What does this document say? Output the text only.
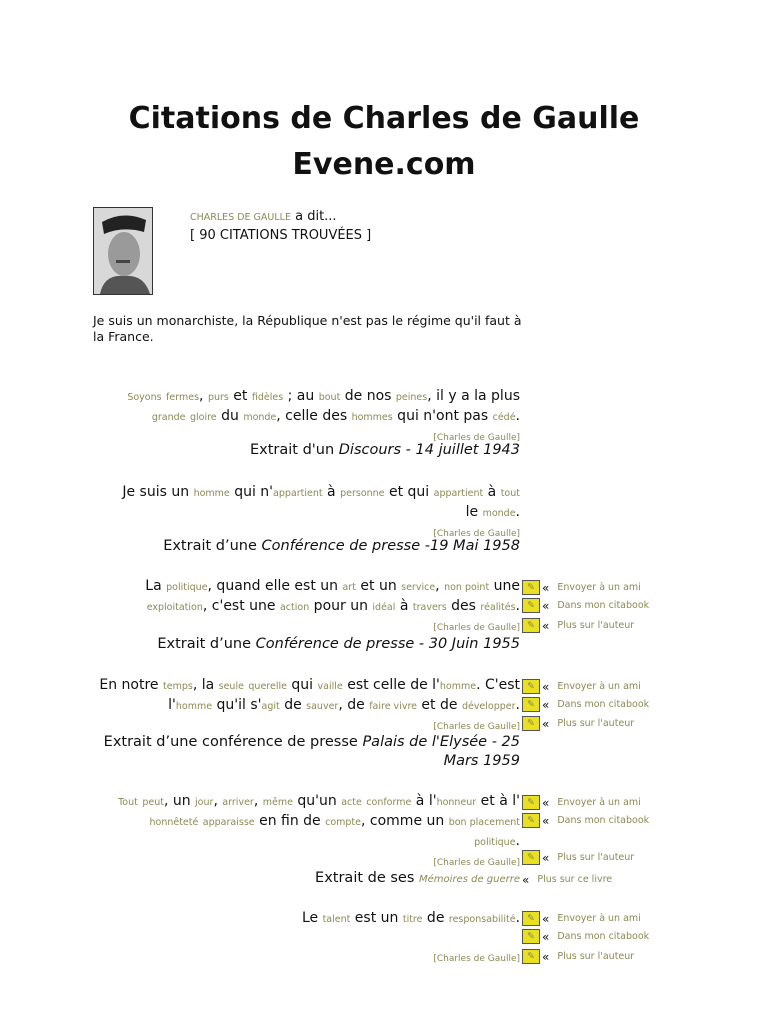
Citations de Charles de Gaulle
Evene.com
CHARLES DE GAULLE a dit...
[ 90 CITATIONS TROUVÉES ]
Je suis un monarchiste, la République n'est pas le régime qu'il faut à la France.
Soyons fermes, purs et fidèles ; au bout de nos peines, il y a la plus
grande gloire du monde, celle des hommes qui n'ont pas cédé.
[Charles de Gaulle]
Extrait d'un Discours - 14 juillet 1943
Je suis un homme qui n'appartient à personne et qui appartient à tout
le monde.
[Charles de Gaulle]
Extrait d’une Conférence de presse -19 Mai 1958
La politique, quand elle est un art et un service, non point une
exploitation, c'est une action pour un idéal à travers des réalités.
[Charles de Gaulle]
Extrait d’une Conférence de presse - 30 Juin 1955
✎ « Envoyer à un ami
✎ « Dans mon citabook
✎ « Plus sur l'auteur
En notre temps, la seule querelle qui vaille est celle de l'homme. C'est l'homme qu'il s'agit de sauver, de faire vivre et de développer.
[Charles de Gaulle]
Extrait d’une conférence de presse Palais de l'Elysée - 25 Mars 1959
✎ « Envoyer à un ami
✎ « Dans mon citabook
✎ « Plus sur l'auteur
Tout peut, un jour, arriver, même qu'un acte conforme à l'honneur et à l'
honnêteté apparaisse en fin de compte, comme un bon placement
politique.
[Charles de Gaulle]
Extrait de ses Mémoires de guerre
✎ « Envoyer à un ami
✎ « Dans mon citabook
✎ « Plus sur l'auteur
« Plus sur ce livre
Le talent est un titre de responsabilité.

[Charles de Gaulle]
✎ « Envoyer à un ami
✎ « Dans mon citabook
✎ « Plus sur l'auteur
